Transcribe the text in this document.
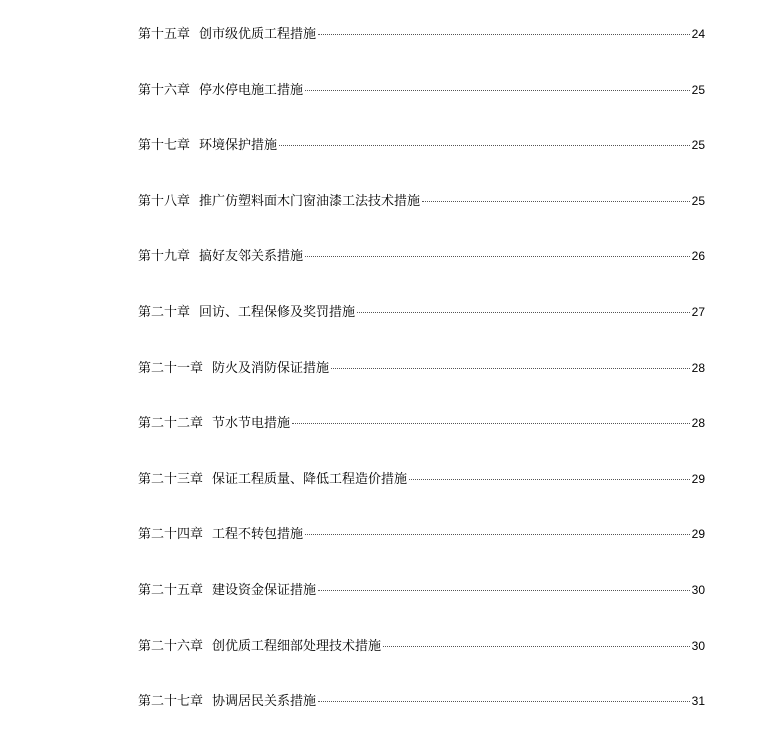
第十五章 创市级优质工程措施	24
第十六章 停水停电施工措施	25
第十七章 环境保护措施	25
第十八章 推广仿塑料面木门窗油漆工法技术措施	25
第十九章 搞好友邻关系措施	26
第二十章 回访、工程保修及奖罚措施	27
第二十一章 防火及消防保证措施	28
第二十二章 节水节电措施	28
第二十三章 保证工程质量、降低工程造价措施	29
第二十四章 工程不转包措施	29
第二十五章 建设资金保证措施	30
第二十六章 创优质工程细部处理技术措施	30
第二十七章 协调居民关系措施	31
